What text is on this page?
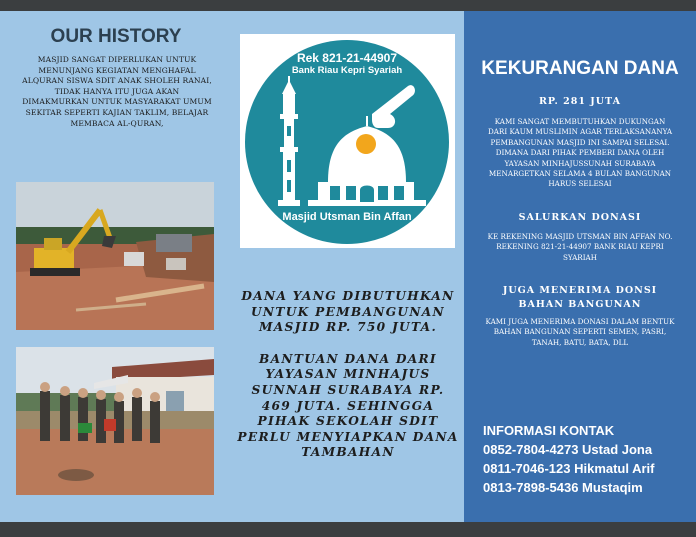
OUR HISTORY
MASJID SANGAT DIPERLUKAN UNTUK MENUNJANG KEGIATAN MENGHAFAL ALQURAN SISWA SDIT ANAK SHOLEH RANAI, TIDAK HANYA ITU JUGA AKAN DIMAKMURKAN UNTUK MASYARAKAT UMUM SEKITAR SEPERTI KAJIAN TAKLIM, BELAJAR MEMBACA AL-QURAN,
Rek 821-21-44907
Bank Riau Kepri Syariah
Masjid Utsman Bin Affan

DANA YANG DIBUTUHKAN UNTUK PEMBANGUNAN MASJID RP. 750 JUTA.

BANTUAN DANA DARI YAYASAN MINHAJUS SUNNAH SURABAYA RP. 469 JUTA. SEHINGGA PIHAK SEKOLAH SDIT PERLU MENYIAPKAN DANA TAMBAHAN

KEKURANGAN DANA
RP. 281 JUTA
KAMI SANGAT MEMBUTUHKAN DUKUNGAN DARI KAUM MUSLIMIN AGAR TERLAKSANANYA PEMBANGUNAN MASJID INI SAMPAI SELESAI. DIMANA DARI PIHAK PEMBERI DANA OLEH YAYASAN MINHAJUSSUNAH SURABAYA MENARGETKAN SELAMA 4 BULAN BANGUNAN HARUS SELESAI
SALURKAN DONASI
KE REKENING MASJID UTSMAN BIN AFFAN NO. REKENING 821-21-44907 BANK RIAU KEPRI SYARIAH
JUGA MENERIMA DONSI BAHAN BANGUNAN
KAMI JUGA MENERIMA DONASI DALAM BENTUK BAHAN BANGUNAN SEPERTI SEMEN, PASRI, TANAH, BATU, BATA, DLL
INFORMASI KONTAK
0852-7804-4273 Ustad Jona
0811-7046-123 Hikmatul Arif
0813-7898-5436 Mustaqim
